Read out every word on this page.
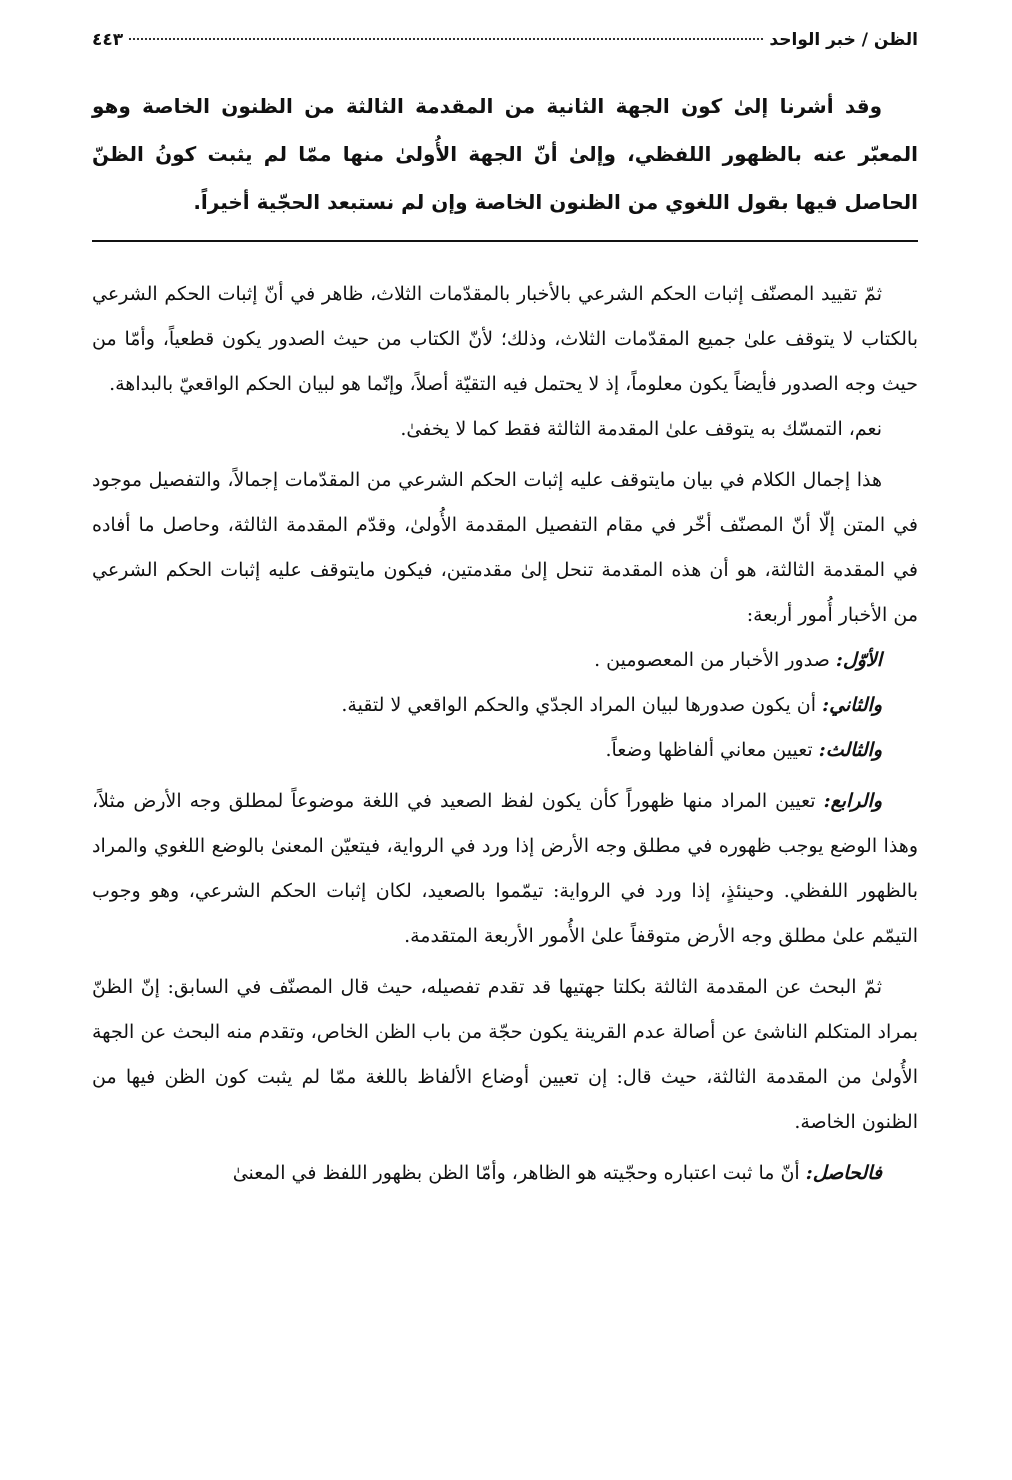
الظن / خبر الواحد
٤٤٣
وقد أشرنا إلىٰ كون الجهة الثانية من المقدمة الثالثة من الظنون الخاصة وهو المعبّر عنه بالظهور اللفظي، وإلىٰ أنّ الجهة الأُولىٰ منها ممّا لم يثبت كونُ الظنّ الحاصل فيها بقول اللغوي من الظنون الخاصة وإن لم نستبعد الحجّية أخيراً.

ثمّ تقييد المصنّف إثبات الحكم الشرعي بالأخبار بالمقدّمات الثلاث، ظاهر في أنّ إثبات الحكم الشرعي بالكتاب لا يتوقف علىٰ جميع المقدّمات الثلاث، وذلك؛ لأنّ الكتاب من حيث الصدور يكون قطعياً، وأمّا من حيث وجه الصدور فأيضاً يكون معلوماً، إذ لا يحتمل فيه التقيّة أصلاً، وإنّما هو لبيان الحكم الواقعيّ بالبداهة.

نعم، التمسّك به يتوقف علىٰ المقدمة الثالثة فقط كما لا يخفىٰ.

هذا إجمال الكلام في بيان مايتوقف عليه إثبات الحكم الشرعي من المقدّمات إجمالاً، والتفصيل موجود في المتن إلّا أنّ المصنّف أخّر في مقام التفصيل المقدمة الأُولىٰ، وقدّم المقدمة الثالثة، وحاصل ما أفاده في المقدمة الثالثة، هو أن هذه المقدمة تنحل إلىٰ مقدمتين، فيكون مايتوقف عليه إثبات الحكم الشرعي من الأخبار أُمور أربعة:

الأوّل: صدور الأخبار من المعصومين .

والثاني: أن يكون صدورها لبيان المراد الجدّي والحكم الواقعي لا لتقية.

والثالث: تعيين معاني ألفاظها وضعاً.

والرابع: تعيين المراد منها ظهوراً كأن يكون لفظ الصعيد في اللغة موضوعاً لمطلق وجه الأرض مثلاً، وهذا الوضع يوجب ظهوره في مطلق وجه الأرض إذا ورد في الرواية، فيتعيّن المعنىٰ بالوضع اللغوي والمراد بالظهور اللفظي. وحينئذٍ، إذا ورد في الرواية: تيمّموا بالصعيد، لكان إثبات الحكم الشرعي، وهو وجوب التيمّم علىٰ مطلق وجه الأرض متوقفاً علىٰ الأُمور الأربعة المتقدمة.

ثمّ البحث عن المقدمة الثالثة بكلتا جهتيها قد تقدم تفصيله، حيث قال المصنّف في السابق: إنّ الظنّ بمراد المتكلم الناشئ عن أصالة عدم القرينة يكون حجّة من باب الظن الخاص، وتقدم منه البحث عن الجهة الأُولىٰ من المقدمة الثالثة، حيث قال: إن تعيين أوضاع الألفاظ باللغة ممّا لم يثبت كون الظن فيها من الظنون الخاصة.

فالحاصل: أنّ ما ثبت اعتباره وحجّيته هو الظاهر، وأمّا الظن بظهور اللفظ في المعنىٰ
